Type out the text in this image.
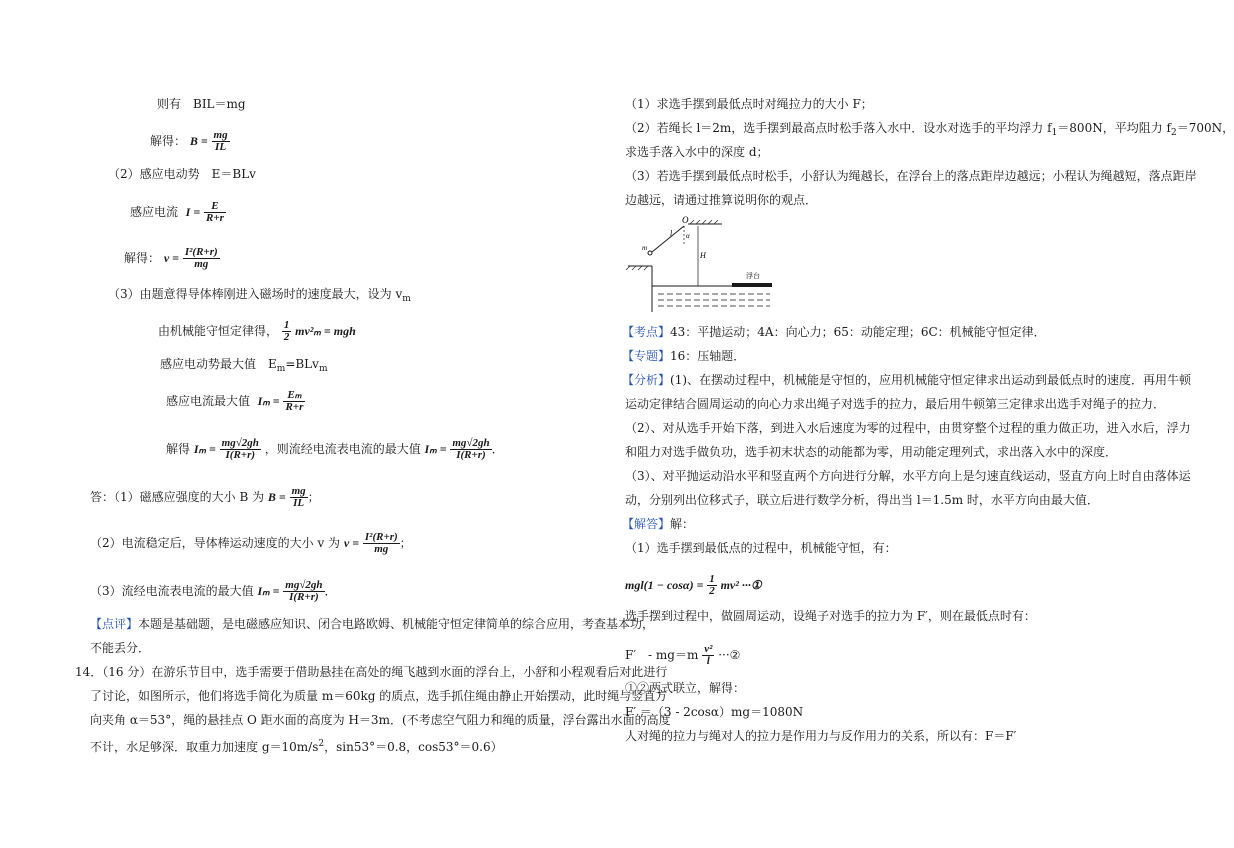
则有　BIL＝mg
解得： $B = \frac{mg}{IL}$
（2）感应电动势　E＝BLv
感应电流 $I = \frac{E}{R+r}$
解得： $v = \frac{\text{I²(R+r)}}{mg}$
（3）由题意得导体棒刚进入磁场时的速度最大，设为 $v_m$
由机械能守恒定律得， $\frac{1}{2} mv^2_m$ = mgh
感应电动势最大值　$E_m=BLv_m$
感应电流最大值 $I_m = \frac{\text{Eₘ}}{R+r}$
解得 $I_m = \frac{mg√2gh}{I(R+r)}$ ，则流经电流表电流的最大值 $I_m = \frac{mg√2gh}{I(R+r)}$ ．
答：（1）磁感应强度的大小 B 为 $B = \frac{mg}{IL}$ ；
（2）电流稳定后，导体棒运动速度的大小 v 为 $v = \frac{\text{I²(R+r)}}{mg}$ ；
（3）流经电流表电流的最大值 $I_m = \frac{mg√2gh}{I(R+r)}$ ．
【点评】本题是基础题，是电磁感应知识、闭合电路欧姆、机械能守恒定律简单的综合应用，考查基本功，
不能丢分．
14．（16 分）在游乐节目中，选手需要于借助悬挂在高处的绳飞越到水面的浮台上，小舒和小程观看后对此进行
了讨论，如图所示，他们将选手简化为质量 m＝60kg 的质点，选手抓住绳由静止开始摆动，此时绳与竖直方
向夹角 α＝53°，绳的悬挂点 O 距水面的高度为 H＝3m．(不考虑空气阻力和绳的质量，浮台露出水面的高度
不计，水足够深．取重力加速度 $g=10m/s^2$，sin53°＝0.8，cos53°＝0.6）
（1）求选手摆到最低点时对绳拉力的大小 F；
（2）若绳长 l＝2m，选手摆到最高点时松手落入水中．设水对选手的平均浮力 $f_1=800N$，平均阻力 $f_2=700N$，
求选手落入水中的深度 d；
（3）若选手摆到最低点时松手，小舒认为绳越长，在浮台上的落点距岸边越远；小程认为绳越短，落点距岸
边越远，请通过推算说明你的观点．
O
l α
m
H
浮台
【考点】43：平抛运动；4A：向心力；65：动能定理；6C：机械能守恒定律．
【专题】16：压轴题．
【分析】(1)、在摆动过程中，机械能是守恒的，应用机械能守恒定律求出运动到最低点时的速度．再用牛顿
运动定律结合圆周运动的向心力求出绳子对选手的拉力，最后用牛顿第三定律求出选手对绳子的拉力．
（2）、对从选手开始下落，到进入水后速度为零的过程中，由贯穿整个过程的重力做正功，进入水后，浮力
和阻力对选手做负功，选手初末状态的动能都为零，用动能定理列式，求出落入水中的深度．
（3）、对平抛运动沿水平和竖直两个方向进行分解，水平方向上是匀速直线运动，竖直方向上时自由落体运
动，分别列出位移式子，联立后进行数学分析，得出当 l＝1.5m 时，水平方向由最大值．
【解答】解：
（1）选手摆到最低点的过程中，机械能守恒，有：
$mgl(1 - \cos\alpha) = \frac{1}{2} mv^2$ ···①
选手摆到过程中，做圆周运动，设绳子对选手的拉力为 F′，则在最低点时有：
F′　- $mg=m \frac{\text{v²}}{l}$ ···②
①②两式联立，解得：
F′ ＝（3 - 2cosα）mg＝1080N
人对绳的拉力与绳对人的拉力是作用力与反作用力的关系，所以有：F＝F′
